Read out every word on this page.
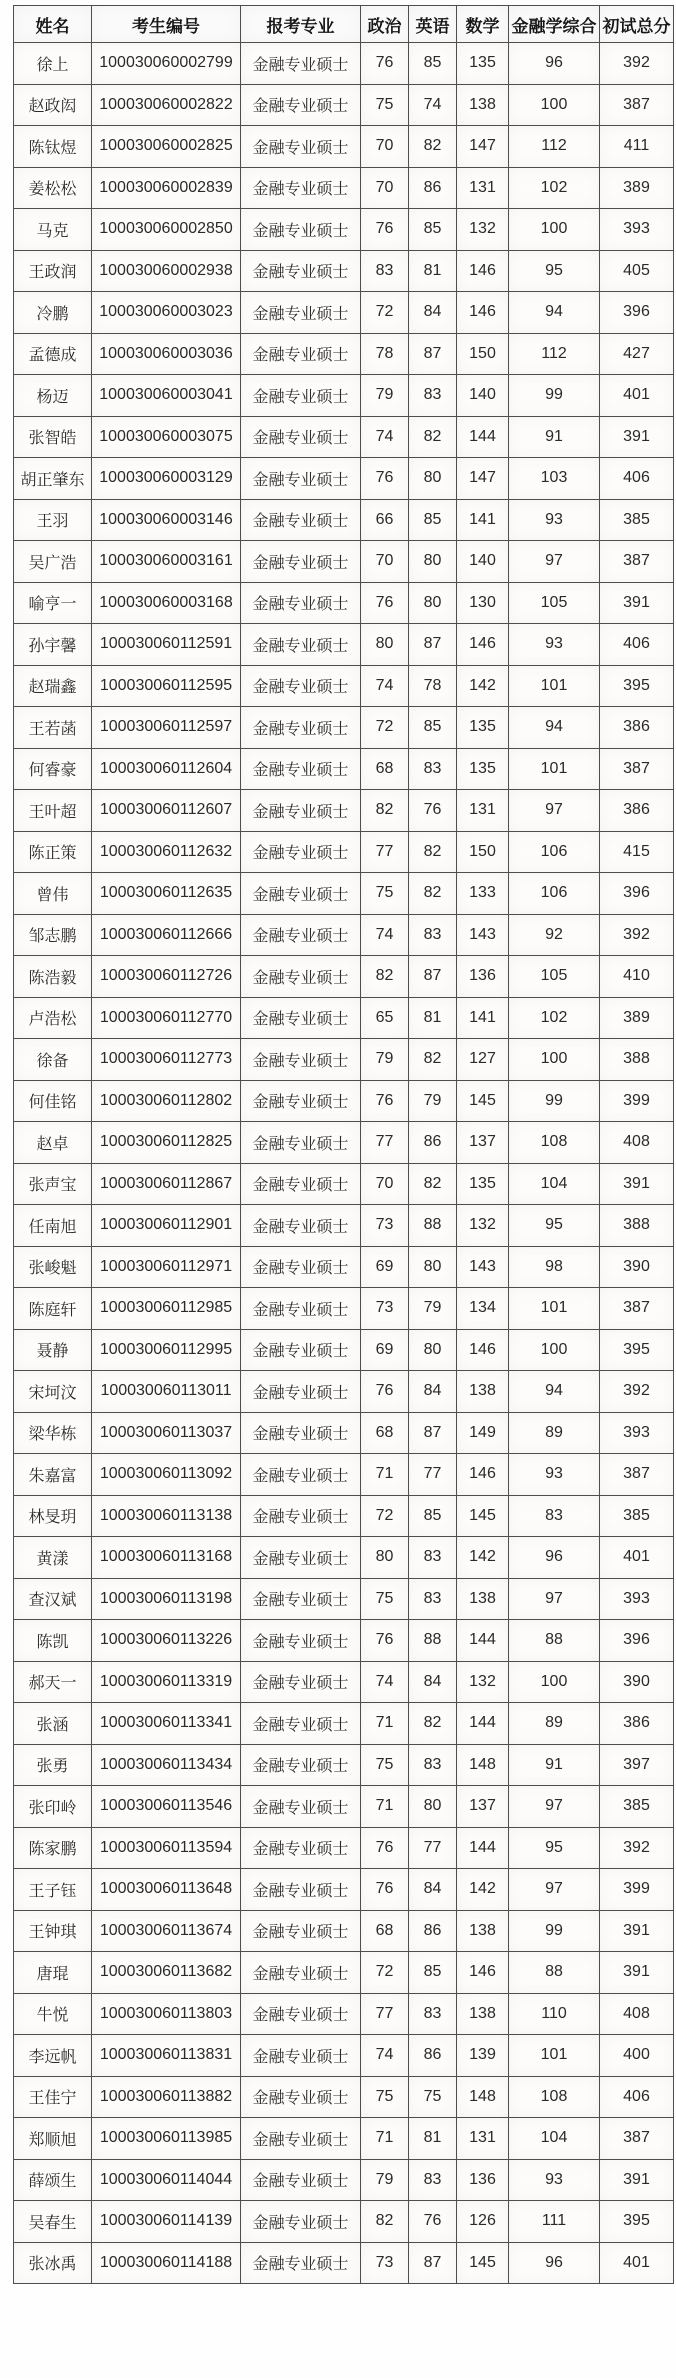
姓名	考生编号	报考专业	政治	英语	数学	金融学综合	初试总分
徐上	100030060002799	金融专业硕士	76	85	135	96	392
赵政闳	100030060002822	金融专业硕士	75	74	138	100	387
陈钛煜	100030060002825	金融专业硕士	70	82	147	112	411
姜松松	100030060002839	金融专业硕士	70	86	131	102	389
马克	100030060002850	金融专业硕士	76	85	132	100	393
王政润	100030060002938	金融专业硕士	83	81	146	95	405
冷鹏	100030060003023	金融专业硕士	72	84	146	94	396
孟德成	100030060003036	金融专业硕士	78	87	150	112	427
杨迈	100030060003041	金融专业硕士	79	83	140	99	401
张智皓	100030060003075	金融专业硕士	74	82	144	91	391
胡正肇东	100030060003129	金融专业硕士	76	80	147	103	406
王羽	100030060003146	金融专业硕士	66	85	141	93	385
吴广浩	100030060003161	金融专业硕士	70	80	140	97	387
喻亨一	100030060003168	金融专业硕士	76	80	130	105	391
孙宇馨	100030060112591	金融专业硕士	80	87	146	93	406
赵瑞鑫	100030060112595	金融专业硕士	74	78	142	101	395
王若菡	100030060112597	金融专业硕士	72	85	135	94	386
何睿豪	100030060112604	金融专业硕士	68	83	135	101	387
王叶超	100030060112607	金融专业硕士	82	76	131	97	386
陈正策	100030060112632	金融专业硕士	77	82	150	106	415
曾伟	100030060112635	金融专业硕士	75	82	133	106	396
邹志鹏	100030060112666	金融专业硕士	74	83	143	92	392
陈浩毅	100030060112726	金融专业硕士	82	87	136	105	410
卢浩松	100030060112770	金融专业硕士	65	81	141	102	389
徐备	100030060112773	金融专业硕士	79	82	127	100	388
何佳铭	100030060112802	金融专业硕士	76	79	145	99	399
赵卓	100030060112825	金融专业硕士	77	86	137	108	408
张声宝	100030060112867	金融专业硕士	70	82	135	104	391
任南旭	100030060112901	金融专业硕士	73	88	132	95	388
张峻魁	100030060112971	金融专业硕士	69	80	143	98	390
陈庭轩	100030060112985	金融专业硕士	73	79	134	101	387
聂静	100030060112995	金融专业硕士	69	80	146	100	395
宋坷汶	100030060113011	金融专业硕士	76	84	138	94	392
梁华栋	100030060113037	金融专业硕士	68	87	149	89	393
朱嘉富	100030060113092	金融专业硕士	71	77	146	93	387
林旻玥	100030060113138	金融专业硕士	72	85	145	83	385
黄漾	100030060113168	金融专业硕士	80	83	142	96	401
查汉斌	100030060113198	金融专业硕士	75	83	138	97	393
陈凯	100030060113226	金融专业硕士	76	88	144	88	396
郝天一	100030060113319	金融专业硕士	74	84	132	100	390
张涵	100030060113341	金融专业硕士	71	82	144	89	386
张勇	100030060113434	金融专业硕士	75	83	148	91	397
张印岭	100030060113546	金融专业硕士	71	80	137	97	385
陈家鹏	100030060113594	金融专业硕士	76	77	144	95	392
王子钰	100030060113648	金融专业硕士	76	84	142	97	399
王钟琪	100030060113674	金融专业硕士	68	86	138	99	391
唐琨	100030060113682	金融专业硕士	72	85	146	88	391
牛悦	100030060113803	金融专业硕士	77	83	138	110	408
李远帆	100030060113831	金融专业硕士	74	86	139	101	400
王佳宁	100030060113882	金融专业硕士	75	75	148	108	406
郑顺旭	100030060113985	金融专业硕士	71	81	131	104	387
薛颂生	100030060114044	金融专业硕士	79	83	136	93	391
吴春生	100030060114139	金融专业硕士	82	76	126	111	395
张冰禹	100030060114188	金融专业硕士	73	87	145	96	401
